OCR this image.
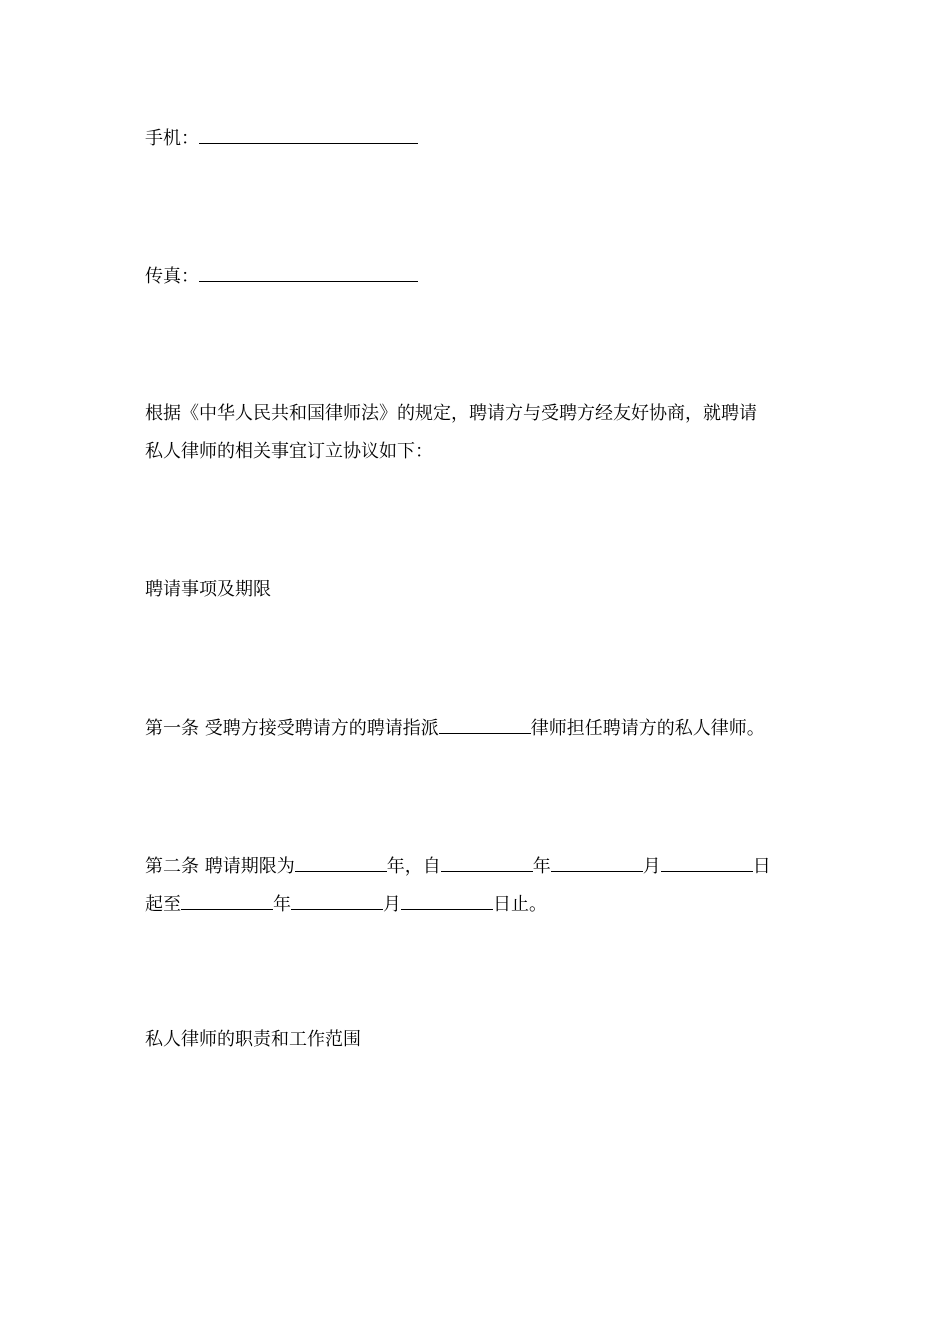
手机：
传真：
根据《中华人民共和国律师法》的规定，聘请方与受聘方经友好协商，就聘请
私人律师的相关事宜订立协议如下：
聘请事项及期限
第一条 受聘方接受聘请方的聘请指派	律师担任聘请方的私人律师。
第二条 聘请期限为	年，自	年	月	日
起至	年	月	日止。
私人律师的职责和工作范围
